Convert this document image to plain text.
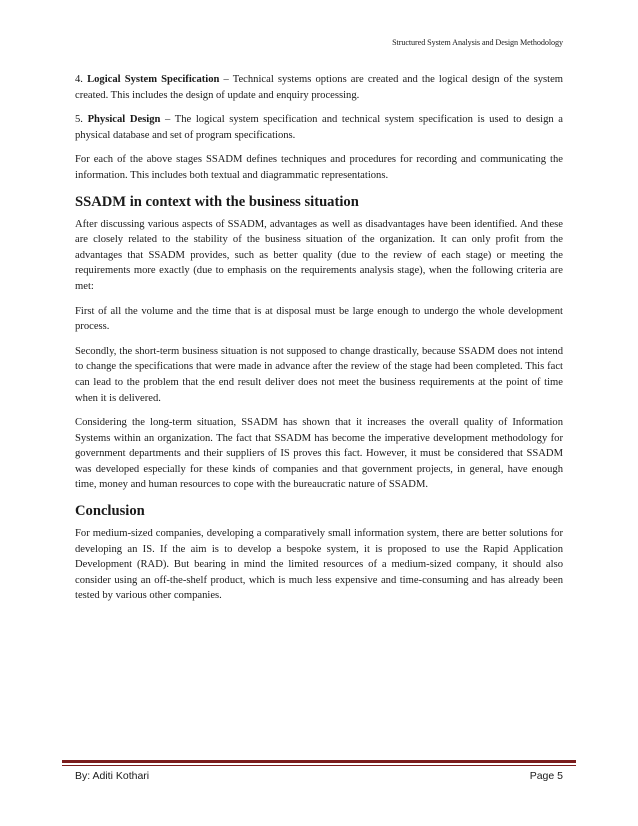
Structured System Analysis and Design Methodology

4. Logical System Specification – Technical systems options are created and the logical design of the system created. This includes the design of update and enquiry processing.

5. Physical Design – The logical system specification and technical system specification is used to design a physical database and set of program specifications.

For each of the above stages SSADM defines techniques and procedures for recording and communicating the information. This includes both textual and diagrammatic representations.

SSADM in context with the business situation

After discussing various aspects of SSADM, advantages as well as disadvantages have been identified. And these are closely related to the stability of the business situation of the organization. It can only profit from the advantages that SSADM provides, such as better quality (due to the review of each stage) or meeting the requirements more exactly (due to emphasis on the requirements analysis stage), when the following criteria are met:

First of all the volume and the time that is at disposal must be large enough to undergo the whole development process.

Secondly, the short-term business situation is not supposed to change drastically, because SSADM does not intend to change the specifications that were made in advance after the review of the stage had been completed. This fact can lead to the problem that the end result deliver does not meet the business requirements at the point of time when it is delivered.

Considering the long-term situation, SSADM has shown that it increases the overall quality of Information Systems within an organization. The fact that SSADM has become the imperative development methodology for government departments and their suppliers of IS proves this fact. However, it must be considered that SSADM was developed especially for these kinds of companies and that government projects, in general, have enough time, money and human resources to cope with the bureaucratic nature of SSADM.

Conclusion

For medium-sized companies, developing a comparatively small information system, there are better solutions for developing an IS. If the aim is to develop a bespoke system, it is proposed to use the Rapid Application Development (RAD). But bearing in mind the limited resources of a medium-sized company, it should also consider using an off-the-shelf product, which is much less expensive and time-consuming and has already been tested by various other companies.

By: Aditi Kothari	Page 5
